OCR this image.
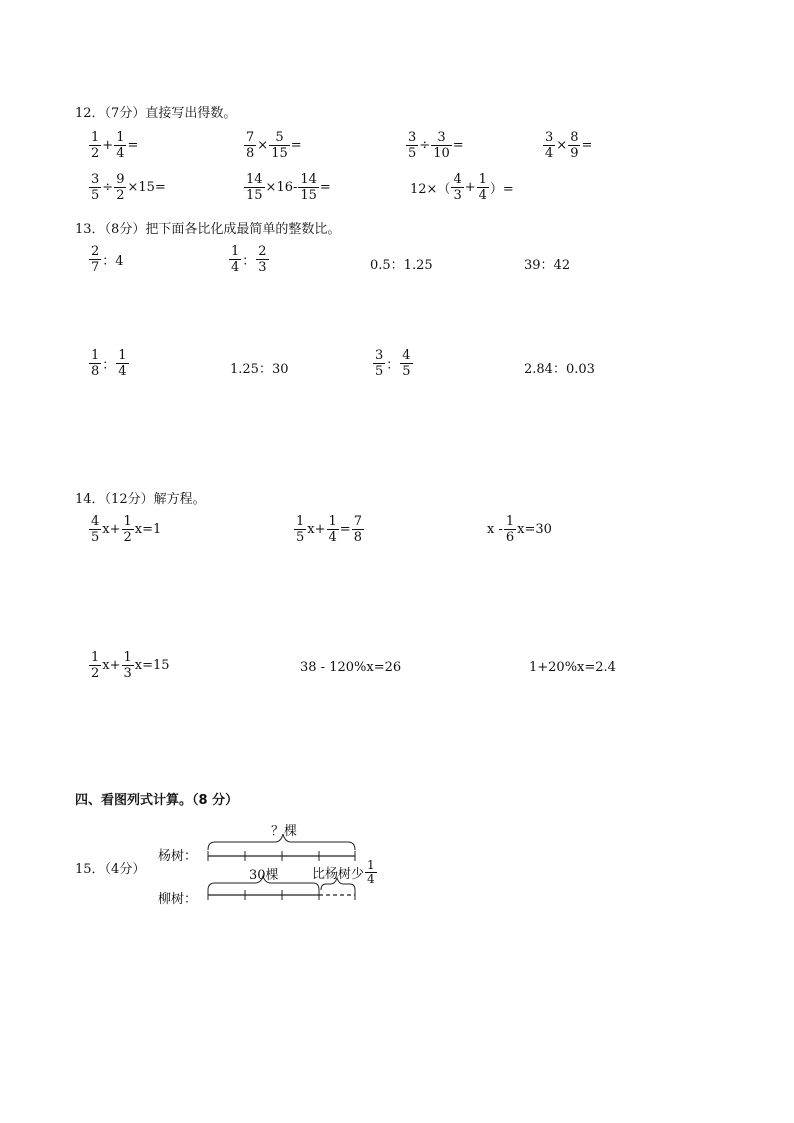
12．（7分）直接写出得数。
$\frac{1}{2} + \frac{1}{4}$ =	$\frac{7}{8} \times \frac{5}{15}$ =	$\frac{3}{5} \div \frac{3}{10}$ =	$\frac{3}{4} \times \frac{8}{9}$ =
$\frac{3}{5} \div \frac{9}{2} \times 15=$	$\frac{14}{15} \times 16- \frac{14}{15}$ =	$12\times( \frac{4}{3} + \frac{1}{4}$ ）=
13．（8分）把下面各比化成最简单的整数比。
$\frac{2}{7}$ ：4	$\frac{1}{4}$ ： $\frac{2}{3}$	0.5：1.25	39：42
$\frac{1}{8}$ ： $\frac{1}{4}$	1.25：30	$\frac{3}{5}$ ： $\frac{4}{5}$	2.84：0.03
14．（12分）解方程。
$\frac{4}{5} x+ \frac{1}{2} x=1$	$\frac{1}{5} x+ \frac{1}{4} = \frac{7}{8}$	$x - \frac{1}{6} x=30$
$\frac{1}{2} x+ \frac{1}{3} x=15$	38 - 120%x=26	1+20%x=2.4
四、看图列式计算。（8 分）
15．（4分）
？棵
杨树：
30棵	比杨树少 $\frac{1}{4}$
柳树：
